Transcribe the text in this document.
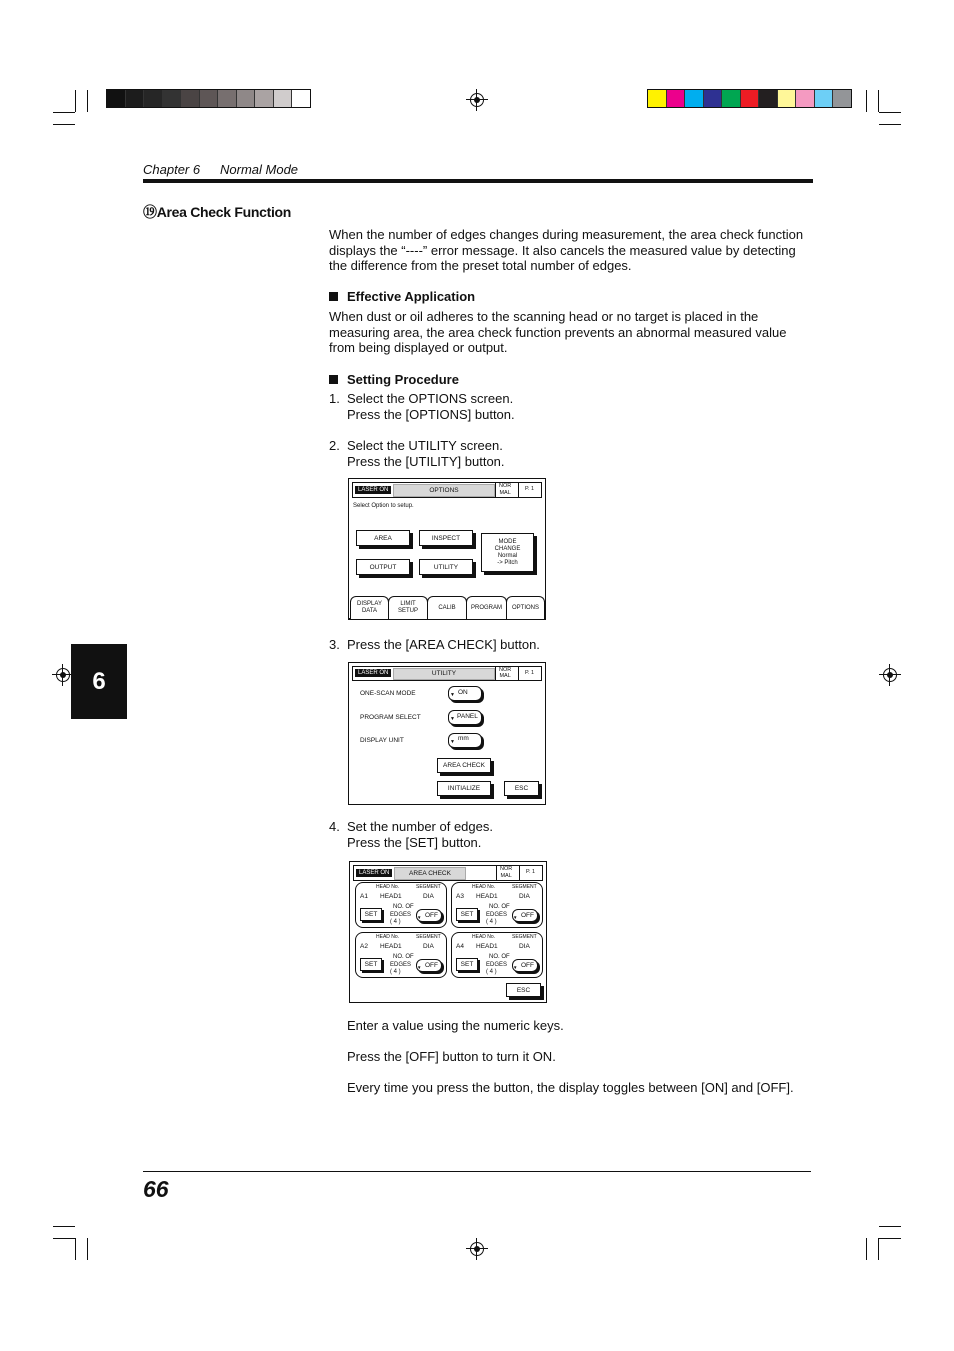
Chapter 6 Normal Mode
⑲Area Check Function
When the number of edges changes during measurement, the area check function displays the “----” error message. It also cancels the measured value by detecting the difference from the preset total number of edges.
Effective Application
When dust or oil adheres to the scanning head or no target is placed in the measuring area, the area check function prevents an abnormal measured value from being displayed or output.
Setting Procedure
1. Select the OPTIONS screen.
Press the [OPTIONS] button.
2. Select the UTILITY screen.
Press the [UTILITY] button.
LASER ON	OPTIONS
NOR
MAL
P. 1
Select Option to setup.
AREA	INSPECT
OUTPUT	UTILITY
MODE
CHANGE
Normal
-> Pitch
DISPLAY
DATA
LIMIT
SETUP
CALIB	PROGRAM OPTIONS
3. Press the [AREA CHECK] button.
LASER ON	UTILITY	NOR
MAL	P. 1
ONE-SCAN MODE	▼ ON
PROGRAM SELECT	▼ PANEL
DISPLAY UNIT	▼ mm
AREA CHECK
INITIALIZE	ESC
4. Set the number of edges.
Press the [SET] button.
LASER ON	AREA CHECK
NOR
MAL
P. 1
HEAD No.	SEGMENT
A1 HEAD1	DIA
SET
NO. OF
EDGES
( 4 )
▼ OFF
HEAD No.	SEGMENT
A3 HEAD1	DIA
SET
NO. OF
EDGES
( 4 )
▼ OFF
HEAD No.	SEGMENT
A2 HEAD1	DIA
SET
NO. OF
EDGES
( 4 )
▼ OFF
HEAD No.	SEGMENT
A4 HEAD1	DIA
SET
NO. OF
EDGES
( 4 )
▼ OFF
ESC
Enter a value using the numeric keys.
Press the [OFF] button to turn it ON.
Every time you press the button, the display toggles between [ON] and [OFF].
6
66
